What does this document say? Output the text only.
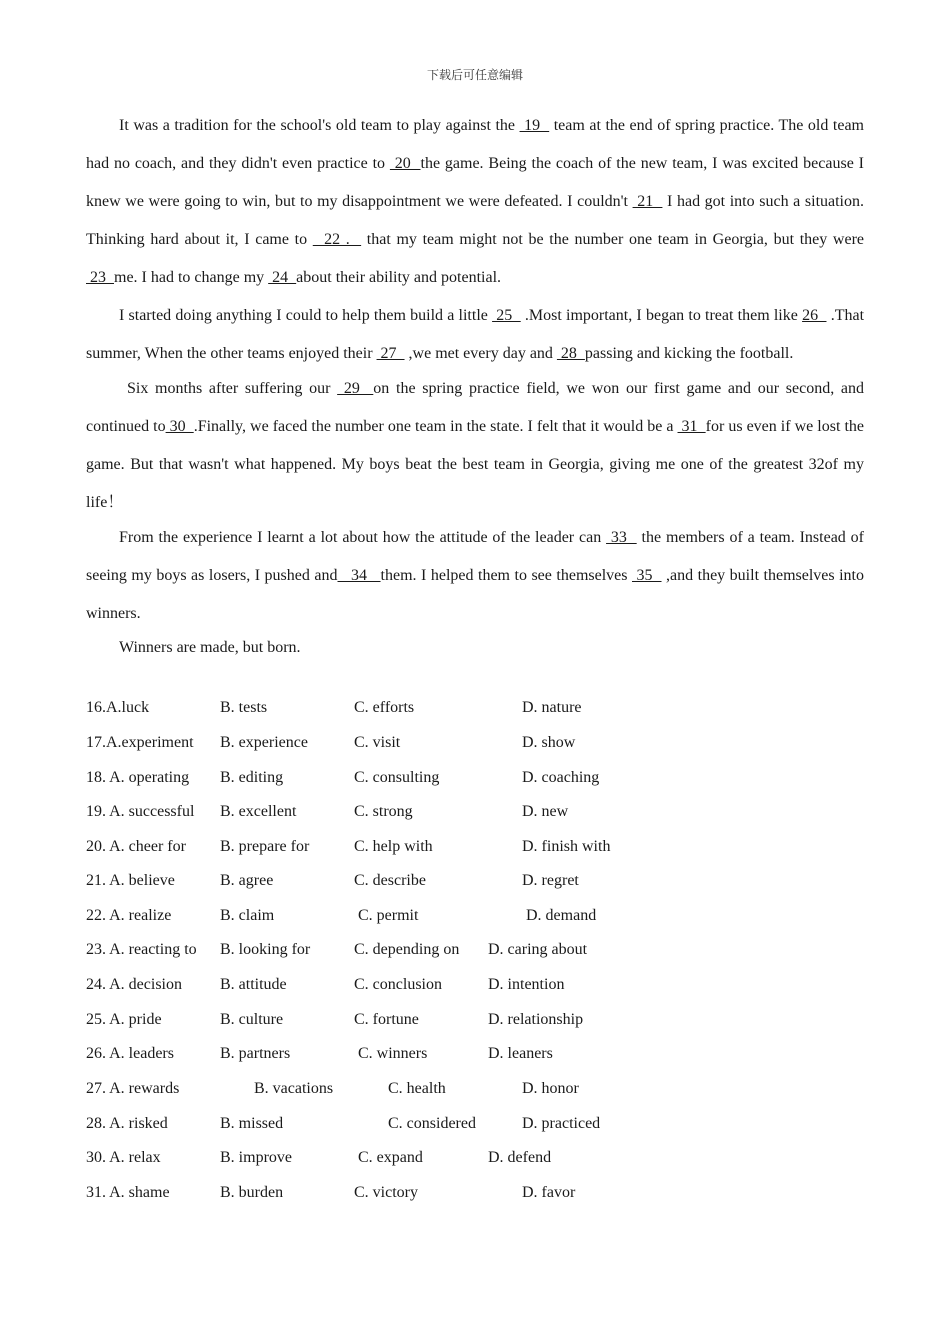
下载后可任意编辑

It was a tradition for the school's old team to play against the  19   team at the end of spring practice. The old team had no coach, and they didn't even practice to  20  the game. Being the coach of the new team, I was excited because I knew we were going to win, but to my disappointment we were defeated. I couldn't  21   I had got into such a situation. Thinking hard about it, I came to   22 .   that my team might not be the number one team in Georgia, but they were  23  me. I had to change my  24  about their ability and potential.

I started doing anything I could to help them build a little  25   .Most important, I began to treat them like 26   .That summer, When the other teams enjoyed their  27   ,we met every day and  28  passing and kicking the football.

Six months after suffering our  29  on the spring practice field, we won our first game and our second, and continued to 30  .Finally, we faced the number one team in the state. I felt that it would be a  31  for us even if we lost the game. But that wasn't what happened. My boys beat the best team in Georgia, giving me one of the greatest 32of my life！

From the experience I learnt a lot about how the attitude of the leader can  33   the members of a team. Instead of seeing my boys as losers, I pushed and   34   them. I helped them to see themselves  35   ,and they built themselves into winners.

Winners are made, but born.

16.A.luck	B. tests	C. efforts	D. nature
17.A.experiment B. experience	C. visit	D. show
18. A. operating B. editing	C. consulting	D. coaching
19. A. successful B. excellent	C. strong	D. new
20. A. cheer for B. prepare for	C. help with	D. finish with
21. A. believe	B. agree	C. describe	D. regret
22. A. realize	B. claim	C. permit	D. demand
23. A. reacting to B. looking for	C. depending on D. caring about
24. A. decision B. attitude	C. conclusion	D. intention
25. A. pride	B. culture	C. fortune	D. relationship
26. A. leaders	B. partners	C. winners	D. leaners
27. A. rewards	B. vacations	C. health	D. honor
28. A. risked	B. missed	C. considered	D. practiced
30. A. relax	B. improve	C. expand	D. defend
31. A. shame	B. burden	C. victory	D. favor
